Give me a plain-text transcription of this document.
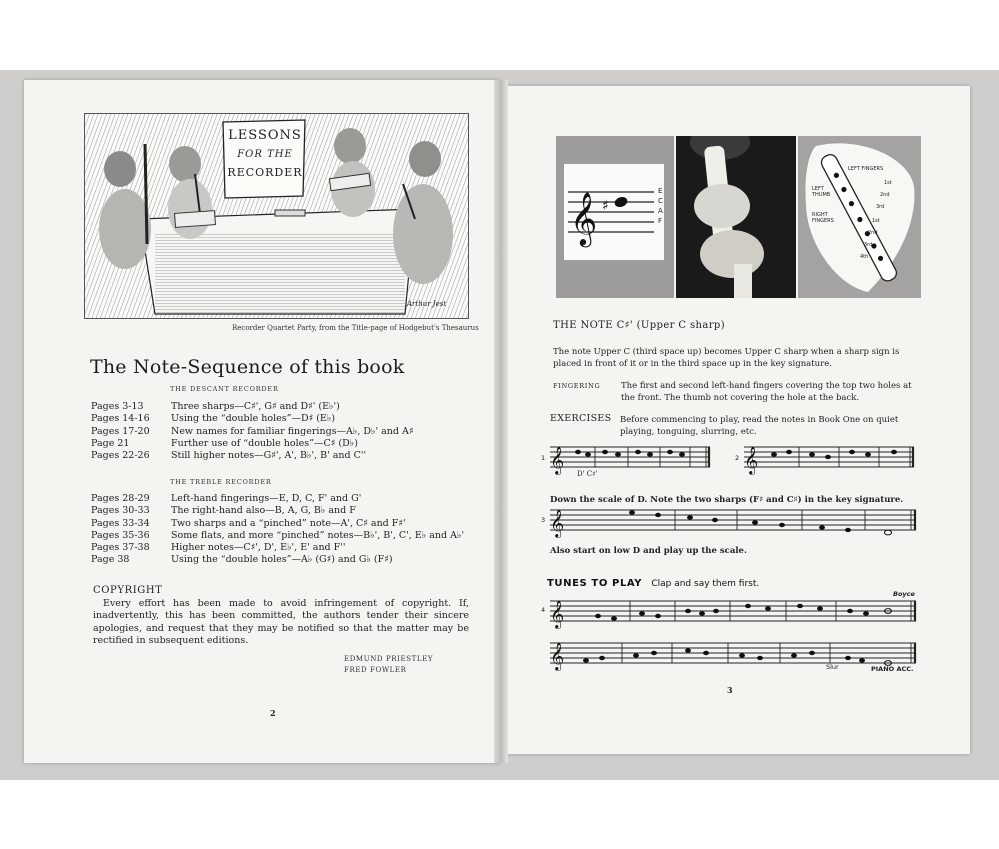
LESSONS
FOR THE
RECORDER
Arthur Jest
Recorder Quartet Party, from the Title-page of Hodgebut's Thesaurus
The Note-Sequence of this book
THE DESCANT RECORDER
Pages 3-13	Three sharps—C♯', G♯ and D♯' (E♭')
Pages 14-16	Using the “double holes”—D♯ (E♭)
Pages 17-20	New names for familiar fingerings—A♭, D♭' and A♯
Page 21	Further use of “double holes”—C♯ (D♭)
Pages 22-26	Still higher notes—G♯', A', B♭', B' and C''
THE TREBLE RECORDER
Pages 28-29	Left-hand fingerings—E, D, C, F' and G'
Pages 30-33	The right-hand also—B, A, G, B♭ and F
Pages 33-34	Two sharps and a “pinched” note—A', C♯ and F♯'
Pages 35-36	Some flats, and more “pinched” notes—B♭', B', C', E♭ and A♭'
Pages 37-38	Higher notes—C♯', D', E♭', E' and F''
Page 38	Using the “double holes”—A♭ (G♯) and G♭ (F♯)
COPYRIGHT
Every effort has been made to avoid infringement of copyright. If, inadvertently, this has been committed, the authors tender their sincere apologies, and request that they may be notified so that the matter may be rectified in subsequent editions.
EDMUND PRIESTLEY
FRED FOWLER
2
𝄞 ♯
E
C
A
F
LEFT FINGERS
LEFT THUMB
RIGHT FINGERS
1st
2nd
3rd
1st
2nd
3rd
4th
THE NOTE C♯' (Upper C sharp)
The note Upper C (third space up) becomes Upper C sharp when a sharp sign is placed in front of it or in the third space up in the key signature.
FINGERING The first and second left-hand fingers covering the top two holes at the front. The thumb not covering the hole at the back.
EXERCISES Before commencing to play, read the notes in Book One on quiet playing, tonguing, slurring, etc.
1 𝄞 D' C♯'
2 𝄞
Down the scale of D. Note the two sharps (F♯ and C♯) in the key signature.
3 𝄞
Also start on low D and play up the scale.
TUNES TO PLAY Clap and say them first.
Boyce
4 𝄞
𝄞	Slur	PIANO ACC.
3
